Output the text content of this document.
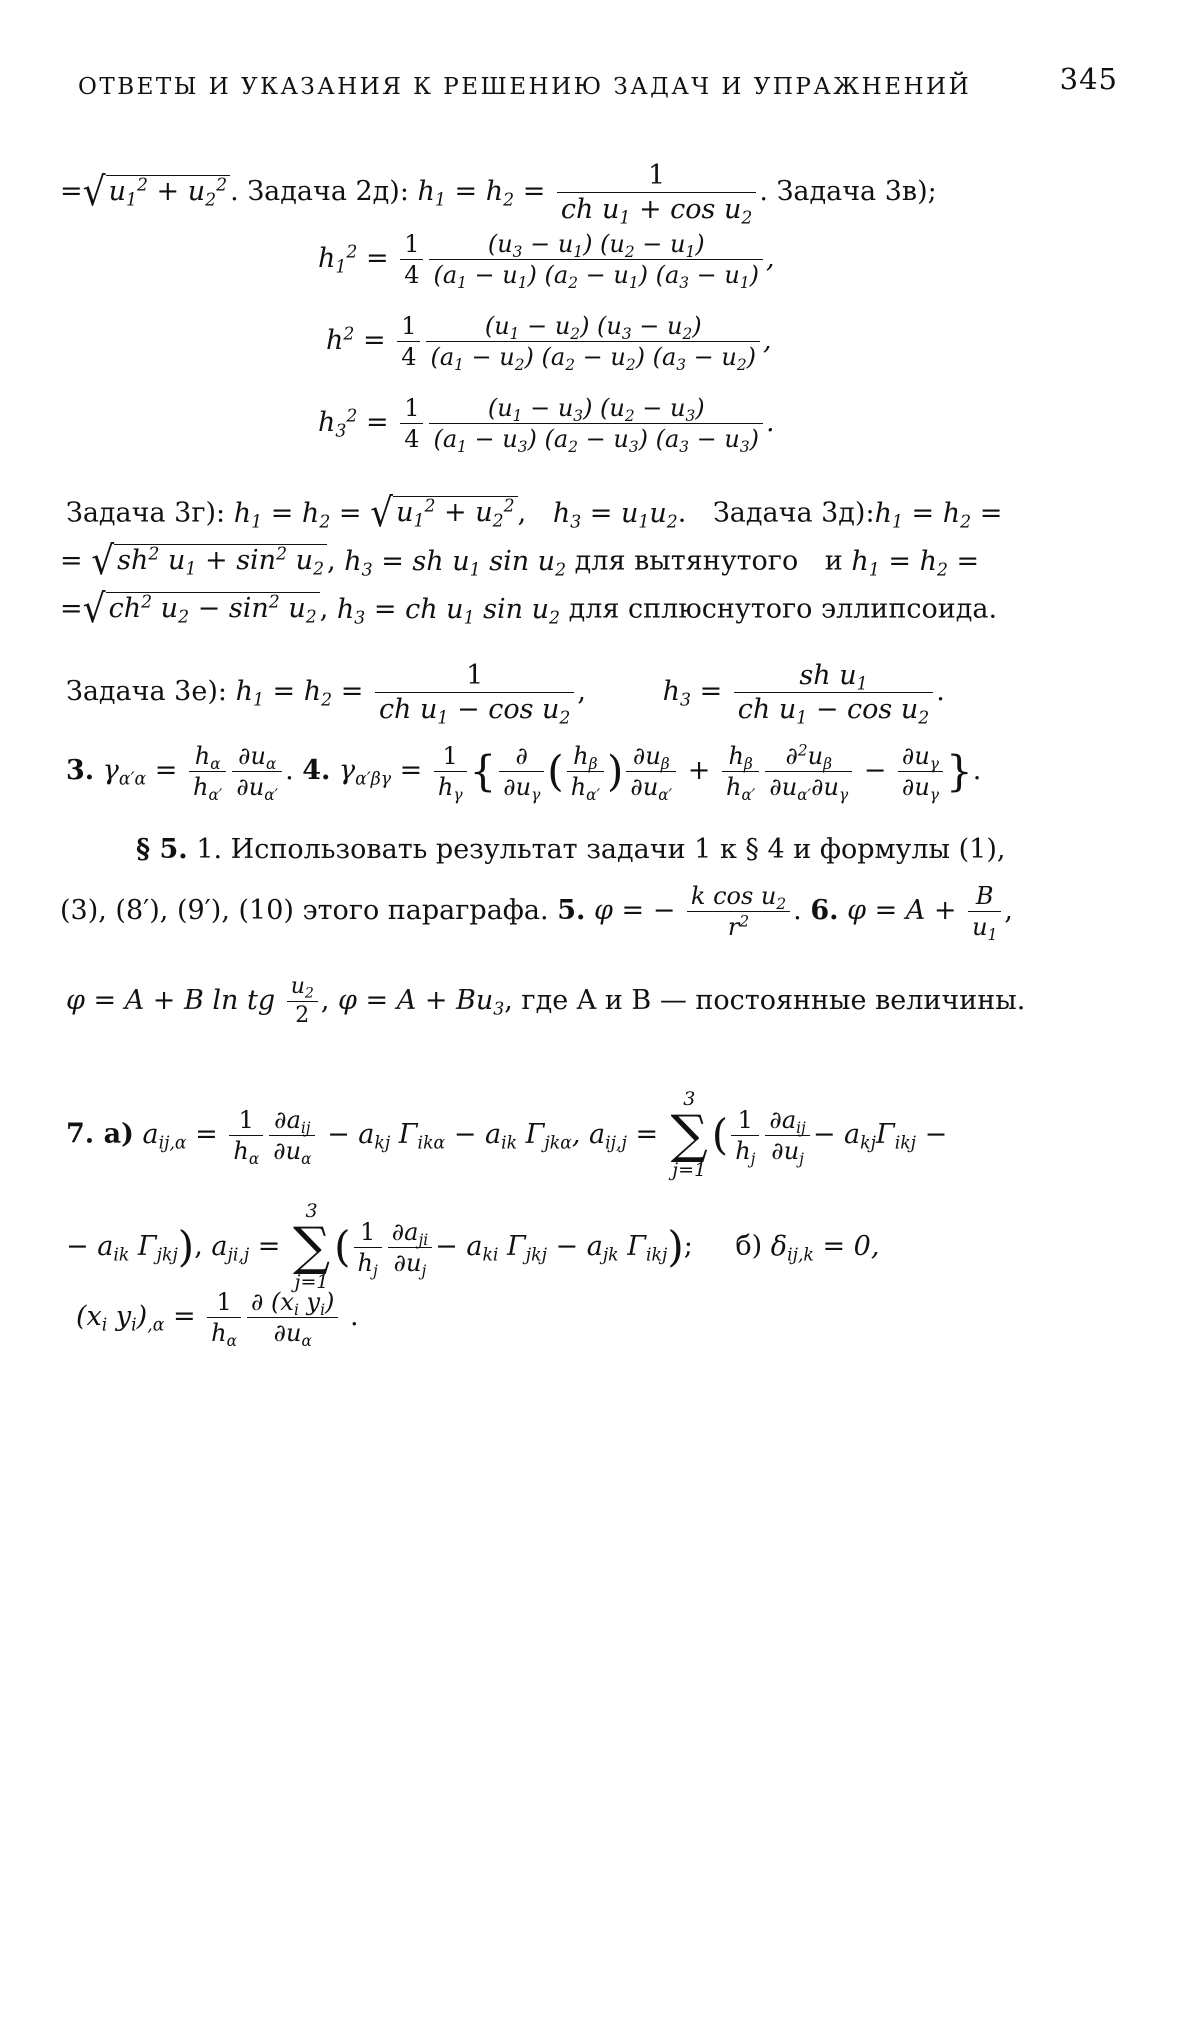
ОТВЕТЫ И УКАЗАНИЯ К РЕШЕНИЮ ЗАДАЧ И УПРАЖНЕНИЙ	345
= √ $u_1^2 + u_2^2$ . Задача 2д): $h_1 = h_2 = \frac{1}{ch u_1 + \cos u_2}$ . Задача 3в);
$h_1^2 = \frac{1}{4} \frac{(u_3 - u_1) (u_2 - u_1)}{(a_1 - u_1) (a_2 - u_1) (a_3 - u_1)}$ ,
$h^2 = \frac{1}{4} \frac{(u_1 - u_2) (u_3 - u_2)}{(a_1 - u_2) (a_2 - u_2) (a_3 - u_2)}$ ,
$h_3^2 = \frac{1}{4} \frac{(u_1 - u_3) (u_2 - u_3)}{(a_1 - u_3) (a_2 - u_3) (a_3 - u_3)}$ .
Задача 3г): $h_1 = h_2$ = √ $u_1^2 + u_2^2$ , $h_3 = u_1u_2$. Задача $3д):h_1 = h_2$ =
= √ $sh^2$ $u_1 + \sin^2 u_2$ , $h_3$ = sh $u_1$ $\sin u_2$ для вытянутого и $h_1 = h_2$ =
= √ $ch^2$ $u_2 - \sin^2 u_2$ , $h_3$ = ch $u_1$ $\sin u_2$ для сплюснутого эллипсоида.
Задача 3е): $h_1 = h_2 = \frac{1}{ch u_1 - \cos u_2}$ ,	$h_3 = \frac{sh u_1}{ch u_1 - \cos u_2}$ .
3. $\gamma_{\alpha'\alpha} = \frac{h_\alpha}{h_{\alpha'}} \frac{\partial u_\alpha}{\partial u_{\alpha'}}$ . 4. $\gamma_{\alpha'\beta\gamma} = \frac{1}{h_\gamma}$ { ∂
$\partial u_\gamma$ ( $\frac{h_\beta}{h_{\alpha'}}$ ) $\frac{\partial u_\beta}{\partial u_{\alpha'}} + \frac{h_\beta}{h_{\alpha'}} \frac{\partial^2u_\beta}{\partial u_{\alpha'}\partial u_\gamma} - \frac{\partial u_\gamma}{\partial u_\gamma}$ }.
§ 5. 1. Использовать результат задачи 1 к § 4 и формулы (1),
(3), (8′), (9′), (10) этого параграфа. 5. φ = − $\frac{k \cos u_2}{r^2}$ . 6. $\varphi = A + \frac{B}{u_1}$ ,
φ = A + B ln tg $\frac{u_2}{2}$ , $\varphi = A + Bu_3$, где A и B — постоянные величины.
7. а) $a_{ij,\alpha} = \frac{1}{h_\alpha} \partial a_{ij}$
$\partial u_\alpha$
− $a_{kj}$ $\Gamma_{ik\alpha} - a_{ik}$ $\Gamma_{jk\alpha}$, $a_{ij,j}$ =
3
∑
j=1
( $\frac{1}{h_j} \partial a_{ij}$
$\partial u_j$
− $a_{kj}\Gamma_{ikj}$ −
− $a_{ik}$ $\Gamma_{jkj}$), $a_{ji,j}$ =
3
∑
j=1
( $\frac{1}{h_j} \partial a_{ji}$
$\partial u_j$
− $a_{ki}$ $\Gamma_{jkj} - a_{jk}$ $\Gamma_{ikj}$); б) $\delta_{ij,k} = 0$,
($x_i$ $y_i)_{,\alpha} = \frac{1}{h_\alpha} \frac{\partial (x_i y_i)}{\partial u_\alpha}$ .
